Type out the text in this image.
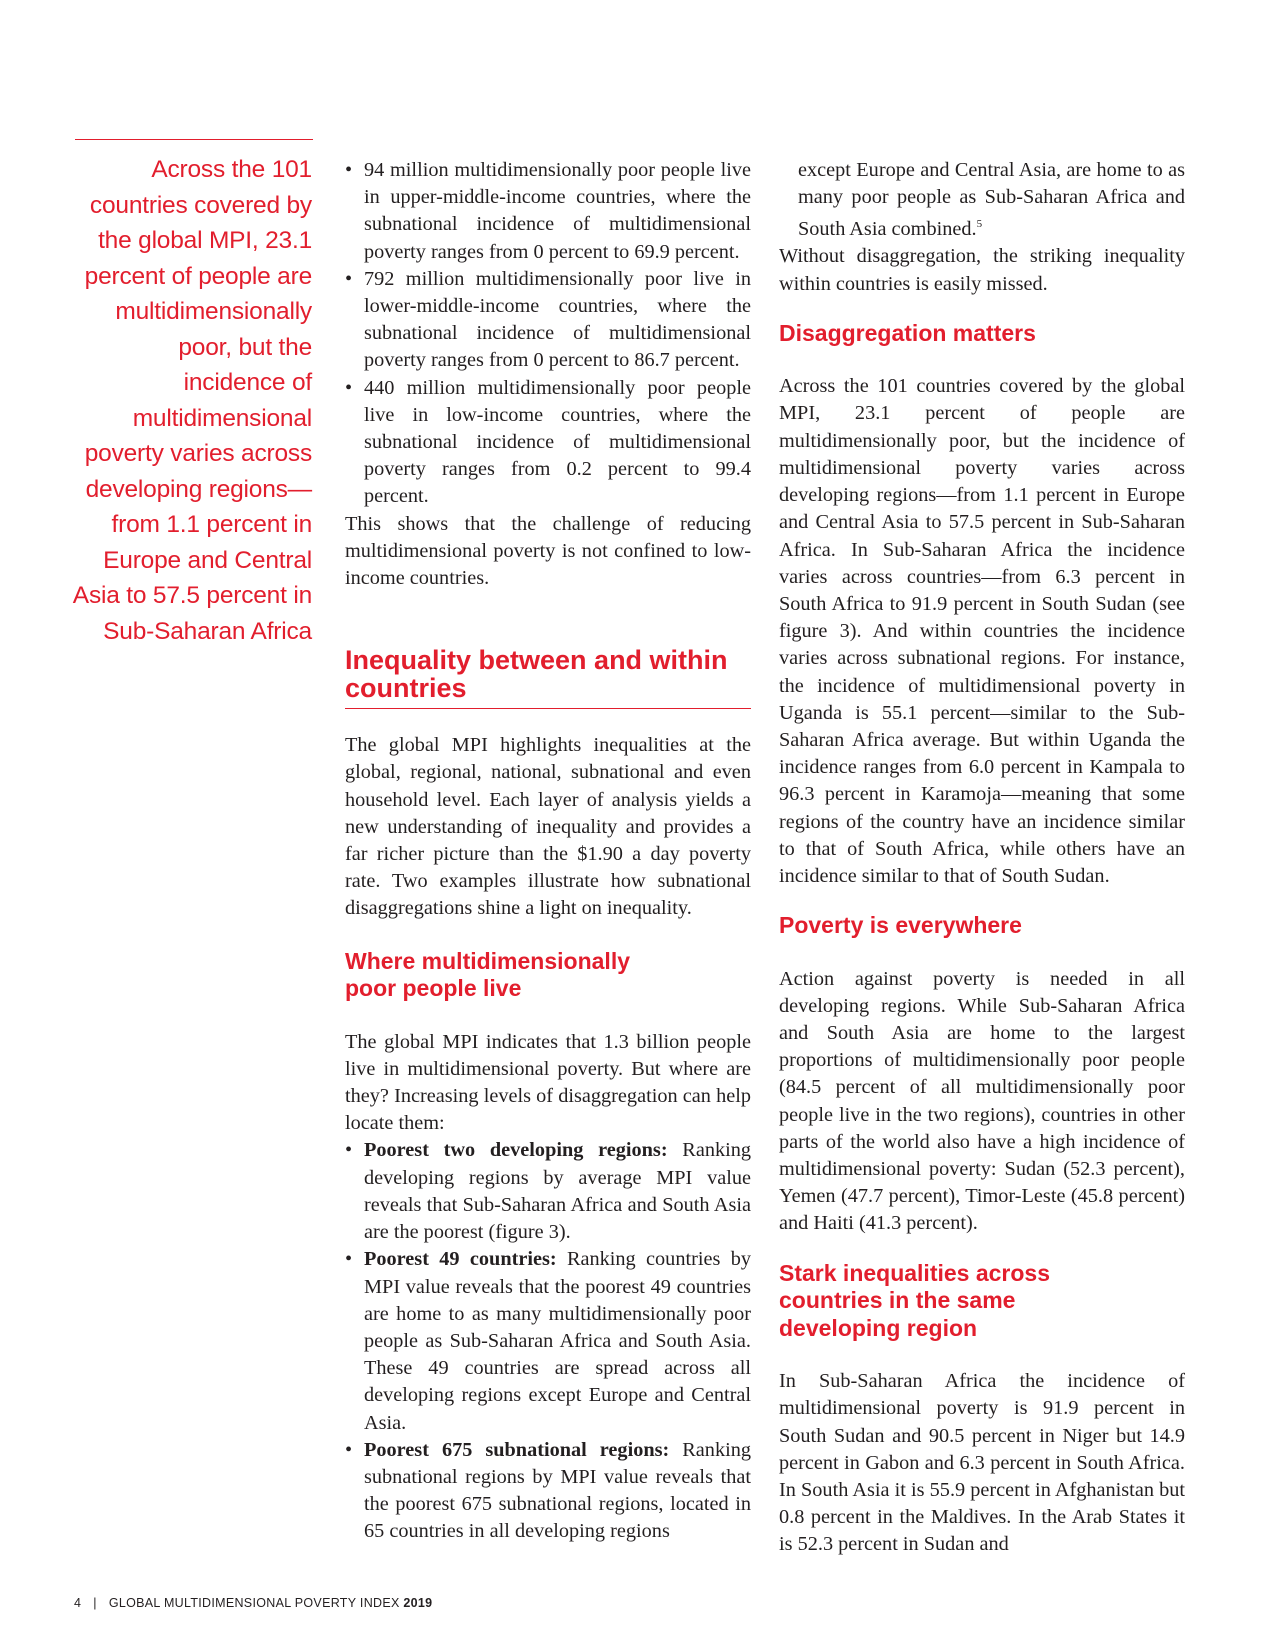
Across the 101 countries covered by the global MPI, 23.1 percent of people are multidimensionally poor, but the incidence of multidimensional poverty varies across developing regions—from 1.1 percent in Europe and Central Asia to 57.5 percent in Sub-Saharan Africa
• 94 million multidimensionally poor people live in upper-middle-income countries, where the subnational incidence of multidimensional poverty ranges from 0 percent to 69.9 percent.
• 792 million multidimensionally poor live in lower-middle-income countries, where the subnational incidence of multidimensional poverty ranges from 0 percent to 86.7 percent.
• 440 million multidimensionally poor people live in low-income countries, where the subnational incidence of multidimensional poverty ranges from 0.2 percent to 99.4 percent.

This shows that the challenge of reducing multidimensional poverty is not confined to low-income countries.

Inequality between and within countries

The global MPI highlights inequalities at the global, regional, national, subnational and even household level. Each layer of analysis yields a new understanding of inequality and provides a far richer picture than the $1.90 a day poverty rate. Two examples illustrate how subnational disaggregations shine a light on inequality.

Where multidimensionally poor people live

The global MPI indicates that 1.3 billion people live in multidimensional poverty. But where are they? Increasing levels of disaggregation can help locate them:

• Poorest two developing regions: Ranking developing regions by average MPI value reveals that Sub-Saharan Africa and South Asia are the poorest (figure 3).
• Poorest 49 countries: Ranking countries by MPI value reveals that the poorest 49 countries are home to as many multidimensionally poor people as Sub-Saharan Africa and South Asia. These 49 countries are spread across all developing regions except Europe and Central Asia.
• Poorest 675 subnational regions: Ranking subnational regions by MPI value reveals that the poorest 675 subnational regions, located in 65 countries in all developing regions

except Europe and Central Asia, are home to as many poor people as Sub-Saharan Africa and South Asia combined.$^5$

Without disaggregation, the striking inequality within countries is easily missed.

Disaggregation matters

Across the 101 countries covered by the global MPI, 23.1 percent of people are multidimensionally poor, but the incidence of multidimensional poverty varies across developing regions—from 1.1 percent in Europe and Central Asia to 57.5 percent in Sub-Saharan Africa. In Sub-Saharan Africa the incidence varies across countries—from 6.3 percent in South Africa to 91.9 percent in South Sudan (see figure 3). And within countries the incidence varies across subnational regions. For instance, the incidence of multidimensional poverty in Uganda is 55.1 percent—similar to the Sub-Saharan Africa average. But within Uganda the incidence ranges from 6.0 percent in Kampala to 96.3 percent in Karamoja—meaning that some regions of the country have an incidence similar to that of South Africa, while others have an incidence similar to that of South Sudan.

Poverty is everywhere

Action against poverty is needed in all developing regions. While Sub-Saharan Africa and South Asia are home to the largest proportions of multidimensionally poor people (84.5 percent of all multidimensionally poor people live in the two regions), countries in other parts of the world also have a high incidence of multidimensional poverty: Sudan (52.3 percent), Yemen (47.7 percent), Timor-Leste (45.8 percent) and Haiti (41.3 percent).

Stark inequalities across countries in the same developing region

In Sub-Saharan Africa the incidence of multidimensional poverty is 91.9 percent in South Sudan and 90.5 percent in Niger but 14.9 percent in Gabon and 6.3 percent in South Africa. In South Asia it is 55.9 percent in Afghanistan but 0.8 percent in the Maldives. In the Arab States it is 52.3 percent in Sudan and

4 | GLOBAL MULTIDIMENSIONAL POVERTY INDEX 2019
